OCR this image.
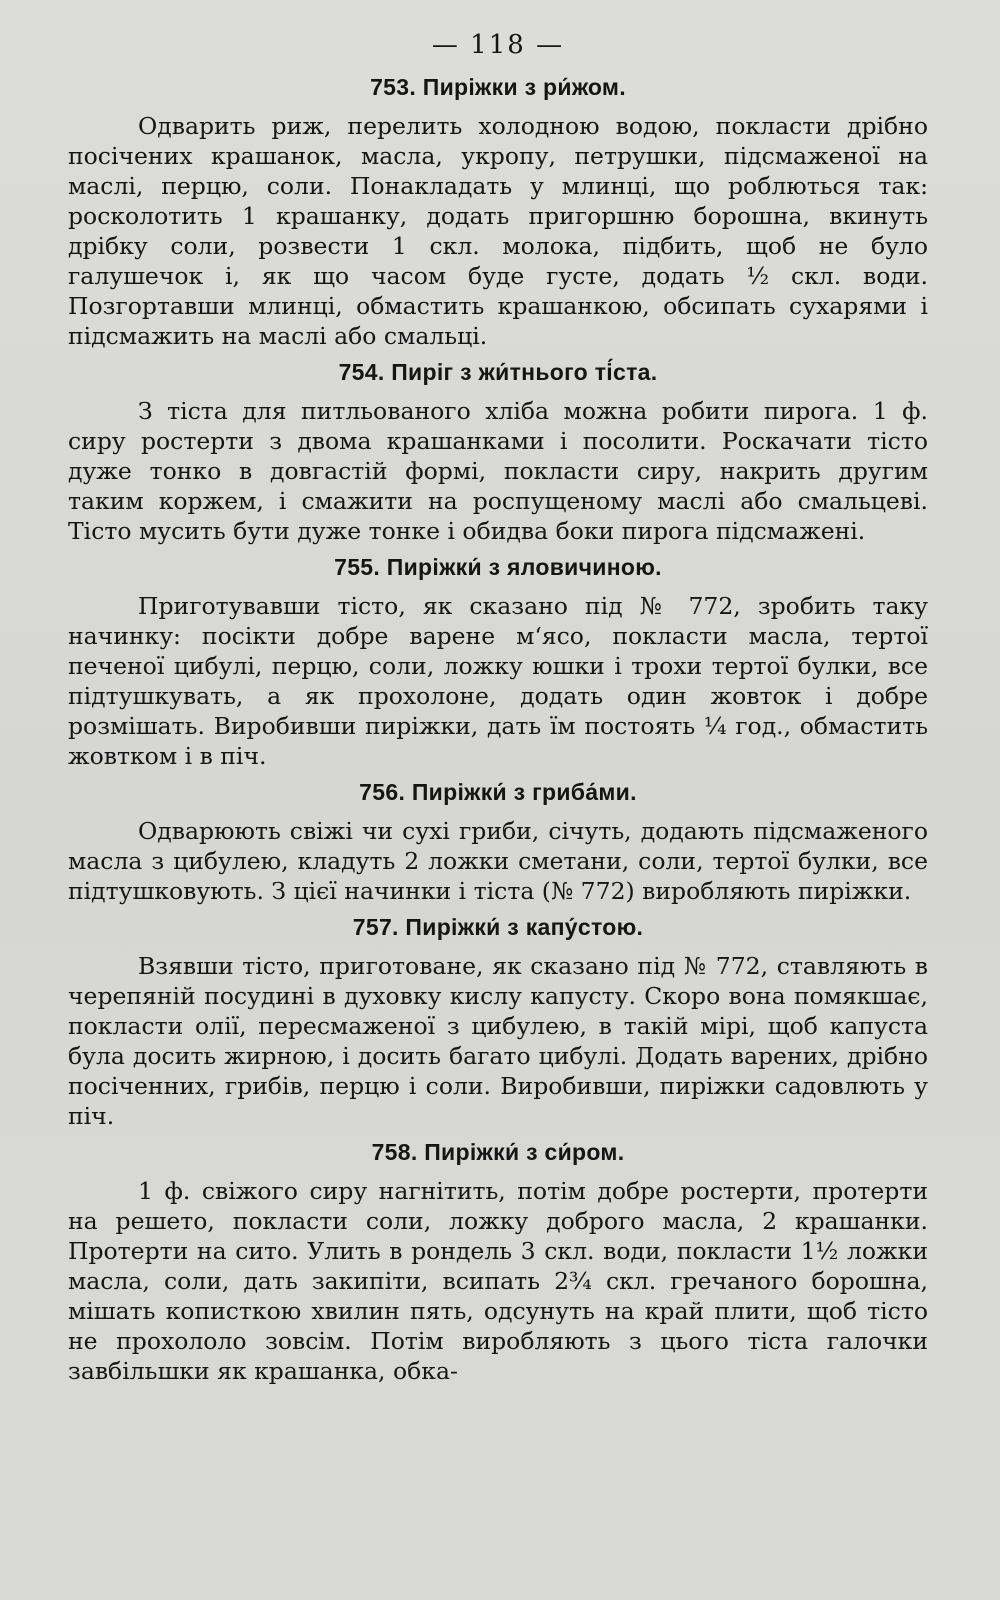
— 118 —
753. Пиріжки з ри́жом.

Одварить риж, перелить холодною водою, покласти дрібно посічених крашанок, масла, укропу, петрушки, підсмаженої на маслі, перцю, соли. Понакладать у млинці, що роблються так: росколотить 1 крашанку, додать пригоршню борошна, вкинуть дрібку соли, розвести 1 скл. молока, підбить, щоб не було галушечок і, як що часом буде густе, додать ½ скл. води. Позгортавши млинці, обмастить крашанкою, обсипать сухарями і підсмажить на маслі або смальці.

754. Пиріг з жи́тнього ті́ста.

З тіста для питльованого хліба можна робити пирога. 1 ф. сиру ростерти з двома крашанками і посолити. Роскачати тісто дуже тонко в довгастій формі, покласти сиру, накрить другим таким коржем, і смажити на роспущеному маслі або смальцеві. Тісто мусить бути дуже тонке і обидва боки пирога підсмажені.

755. Пиріжки́ з яловичиною.

Приготувавши тісто, як сказано під № 772, зробить таку начинку: посікти добре варене м‘ясо, покласти масла, тертої печеної цибулі, перцю, соли, ложку юшки і трохи тертої булки, все підтушкувать, а як прохолоне, додать один жовток і добре розмішать. Виробивши пиріжки, дать їм постоять ¼ год., обмастить жовтком і в піч.

756. Пиріжки́ з гриба́ми.

Одварюють свіжі чи сухі гриби, січуть, додають підсмаженого масла з цибулею, кладуть 2 ложки сметани, соли, тертої булки, все підтушковують. З цієї начинки і тіста (№ 772) виробляють пиріжки.

757. Пиріжки́ з капу́стою.

Взявши тісто, приготоване, як сказано під № 772, ставляють в черепяній посудині в духовку кислу капусту. Скоро вона помякшає, покласти олії, пересмаженої з цибулею, в такій мірі, щоб капуста була досить жирною, і досить багато цибулі. Додать варених, дрібно посіченних, грибів, перцю і соли. Виробивши, пиріжки садовлють у піч.

758. Пиріжки́ з си́ром.

1 ф. свіжого сиру нагнітить, потім добре ростерти, протерти на решето, покласти соли, ложку доброго масла, 2 крашанки. Протерти на сито. Улить в рондель 3 скл. води, покласти 1½ ложки масла, соли, дать закипіти, всипать 2¾ скл. гречаного борошна, мішать кописткою хвилин пять, одсунуть на край плити, щоб тісто не прохололо зовсім. Потім виробляють з цього тіста галочки завбільшки як крашанка, обка-
